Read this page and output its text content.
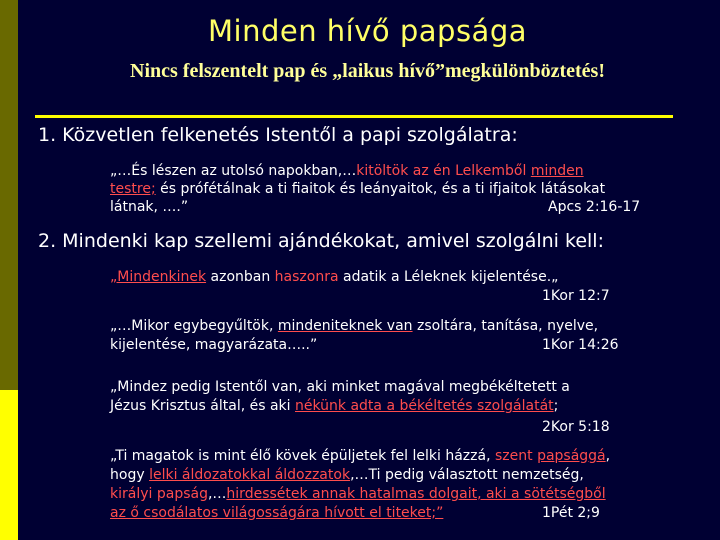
Minden hívő papsága
Nincs felszentelt pap és „laikus hívő”megkülönböztetés!
1. Közvetlen felkenetés Istentől a papi szolgálatra:
„…És lészen az utolsó napokban,…kitöltök az én Lelkemből minden
testre; és prófétálnak a ti fiaitok és leányaitok, és a ti ifjaitok látásokat
látnak, ….”	Apcs 2:16-17
2. Mindenki kap szellemi ajándékokat, amivel szolgálni kell:
„Mindenkinek azonban haszonra adatik a Léleknek kijelentése.„
1Kor 12:7
„…Mikor egybegyűltök, mindeniteknek van zsoltára, tanítása, nyelve,
kijelentése, magyarázata…..”	1Kor 14:26
„Mindez pedig Istentől van, aki minket magával megbékéltetett a
Jézus Krisztus által, és aki nékünk adta a békéltetés szolgálatát;
2Kor 5:18
„Ti magatok is mint élő kövek épüljetek fel lelki házzá, szent papsággá,
hogy lelki áldozatokkal áldozzatok,…Ti pedig választott nemzetség,
királyi papság,…hirdessétek annak hatalmas dolgait, aki a sötétségből
az ő csodálatos világosságára hívott el titeket;”	1Pét 2;9
